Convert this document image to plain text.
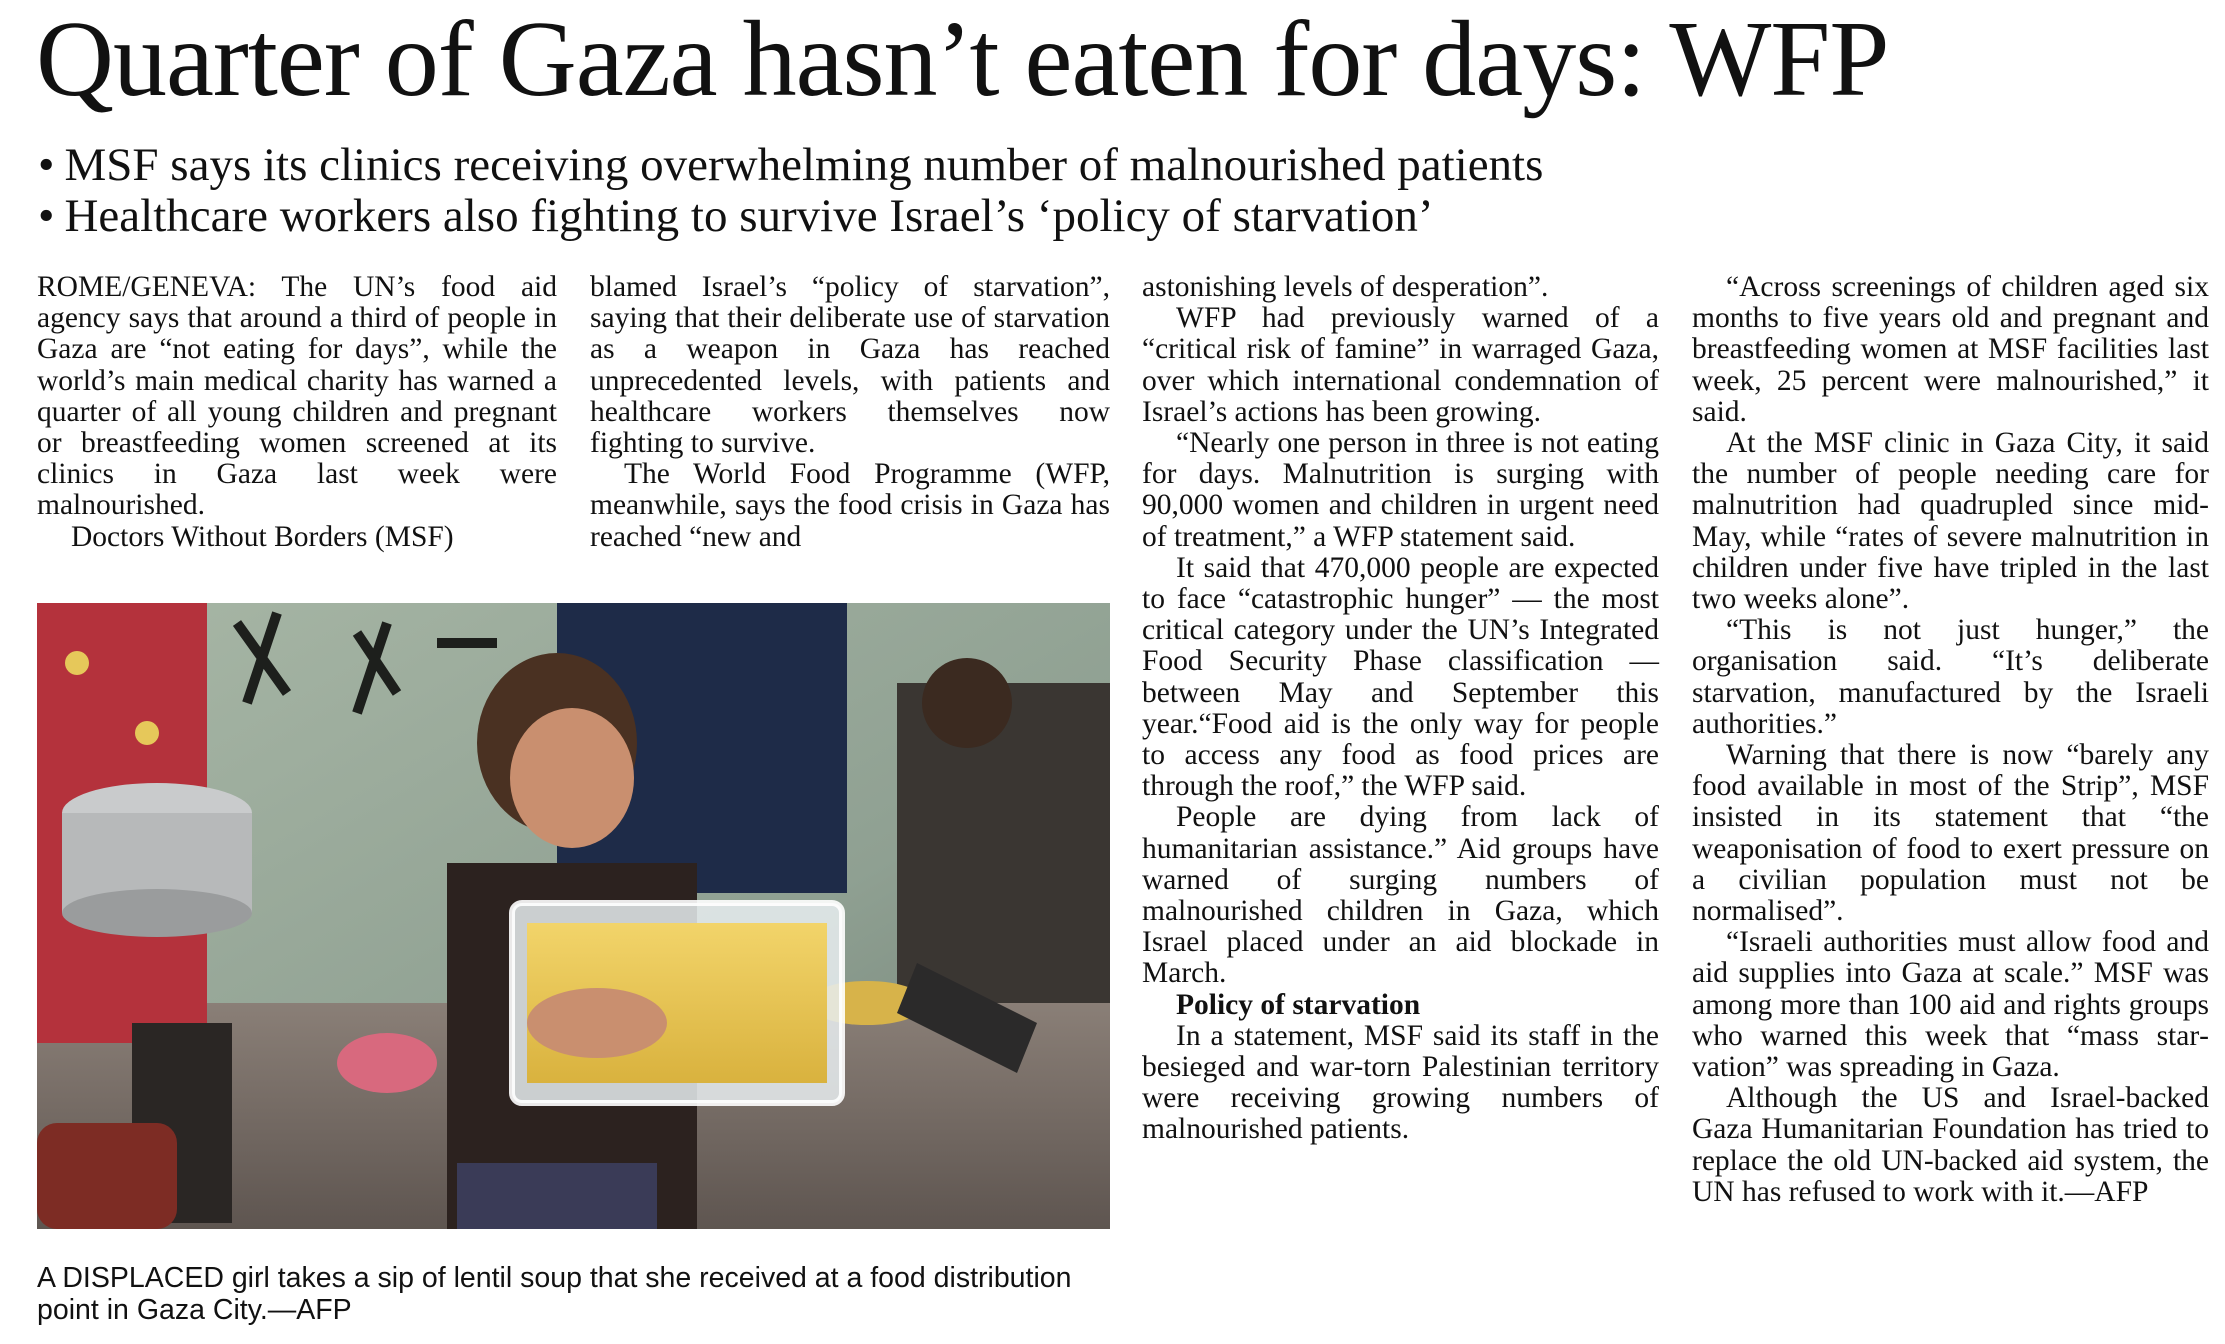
Quarter of Gaza hasn’t eaten for days: WFP
• MSF says its clinics receiving overwhelming number of malnourished patients
• Healthcare workers also fighting to survive Israel’s ‘policy of starvation’

ROME/GENEVA: The UN’s food aid agency says that around a third of people in Gaza are “not eating for days”, while the world’s main medical charity has warned a quarter of all young children and pregnant or breastfeeding women screened at its clinics in Gaza last week were malnourished.

Doctors Without Borders (MSF)

blamed Israel’s “policy of starvation”, saying that their deliberate use of starvation as a weapon in Gaza has reached unprecedented levels, with patients and healthcare workers themselves now fighting to survive.

The World Food Programme (WFP, meanwhile, says the food crisis in Gaza has reached “new and

A DISPLACED girl takes a sip of lentil soup that she received at a food distribution point in Gaza City.—AFP

astonishing levels of desperation”.

WFP had previously warned of a “critical risk of famine” in warraged Gaza, over which international condemnation of Israel’s actions has been growing.

“Nearly one person in three is not eating for days. Malnutrition is surging with 90,000 women and children in urgent need of treatment,” a WFP statement said.

It said that 470,000 people are expected to face “catastrophic hunger” — the most critical category under the UN’s Integrated Food Security Phase classification — between May and September this year.“Food aid is the only way for people to access any food as food prices are through the roof,” the WFP said.

People are dying from lack of humanitarian assistance.” Aid groups have warned of surging numbers of malnourished children in Gaza, which Israel placed under an aid blockade in March.

Policy of starvation

In a statement, MSF said its staff in the besieged and war-torn Palestinian territory were receiving growing numbers of malnourished patients.

“Across screenings of children aged six months to five years old and pregnant and breastfeeding women at MSF facilities last week, 25 percent were malnourished,” it said.

At the MSF clinic in Gaza City, it said the number of people needing care for malnutrition had quadrupled since mid-May, while “rates of severe malnutrition in children under five have tripled in the last two weeks alone”.

“This is not just hunger,” the organisation said. “It’s deliberate starvation, manufactured by the Israeli authorities.”

Warning that there is now “barely any food available in most of the Strip”, MSF insisted in its statement that “the weaponisation of food to exert pressure on a civilian population must not be normalised”.

“Israeli authorities must allow food and aid supplies into Gaza at scale.” MSF was among more than 100 aid and rights groups who warned this week that “mass starvation” was spreading in Gaza.

Although the US and Israel-backed Gaza Humanitarian Foundation has tried to replace the old UN-backed aid system, the UN has refused to work with it.—AFP
